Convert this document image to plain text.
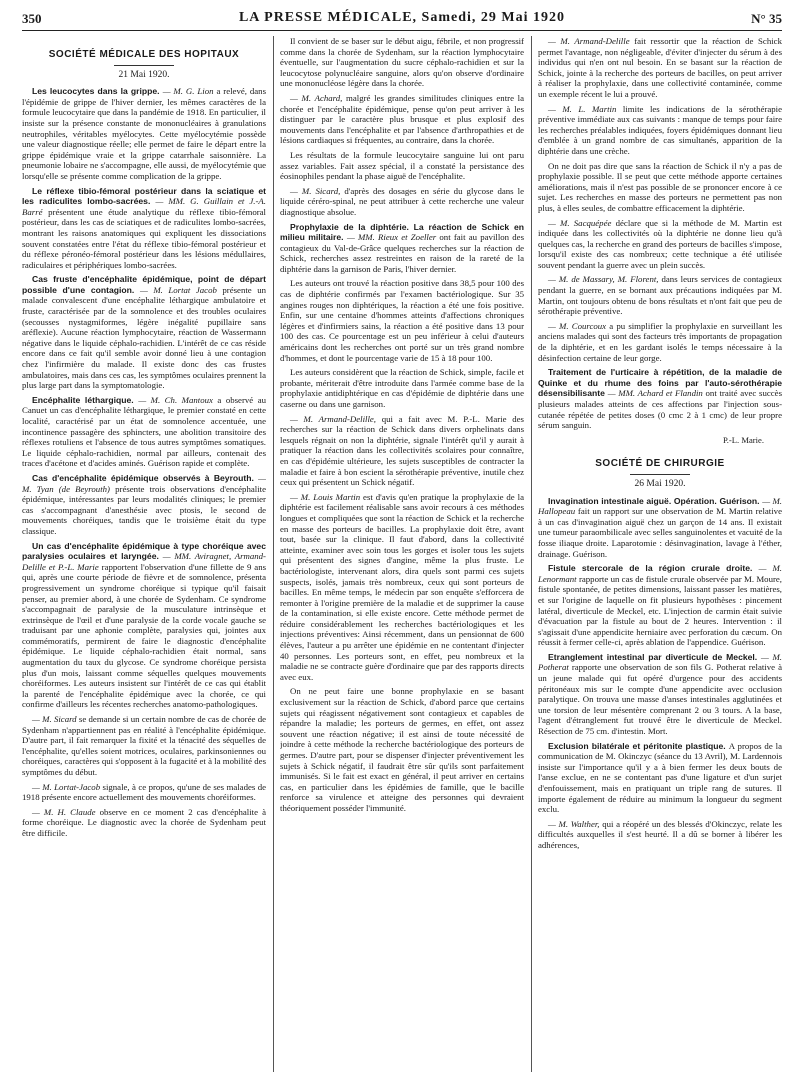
350	LA PRESSE MÉDICALE, Samedi, 29 Mai 1920	N° 35
SOCIÉTÉ MÉDICALE DES HOPITAUX
21 Mai 1920.

Les leucocytes dans la grippe. — M. G. Lion a relevé, dans l'épidémie de grippe de l'hiver dernier, les mêmes caractères de la formule leucocytaire que dans la pandémie de 1918. En particulier, il insiste sur la présence constante de mononucléaires à granulations neutrophiles, véritables myélocytes. Cette myélocytémie possède une valeur diagnostique réelle; elle permet de faire le départ entre la grippe épidémique vraie et la grippe catarrhale saisonnière. La pneumonie lobaire ne s'accompagne, elle aussi, de myélocytémie que lorsqu'elle se présente comme complication de la grippe.

Le réflexe tibio-fémoral postérieur dans la sciatique et les radiculites lombo-sacrées. — MM. G. Guillain et J.-A. Barré présentent une étude analytique du réflexe tibio-fémoral postérieur, dans les cas de sciatiques et de radiculites lombo-sacrées, montrant les raisons anatomiques qui expliquent les dissociations souvent constatées entre l'état du réflexe tibio-fémoral postérieur et du réflexe péronéo-fémoral postérieur dans les lésions médullaires, radiculaires et périphériques lombo-sacrées.

Cas fruste d'encéphalite épidémique, point de départ possible d'une contagion. — M. Lortat Jacob présente un malade convalescent d'une encéphalite léthargique ambulatoire et fruste, caractérisée par de la somnolence et des troubles oculaires (secousses nystagmiformes, légère inégalité pupillaire sans aréflexie). Aucune réaction lymphocytaire, réaction de Wassermann négative dans le liquide céphalo-rachidien. L'intérêt de ce cas réside encore dans ce fait qu'il semble avoir donné lieu à une contagion chez l'infirmière du malade. Il existe donc des cas frustes ambulatoires, mais dans ces cas, les symptômes oculaires prennent la plus large part dans la symptomatologie.

Encéphalite léthargique. — M. Ch. Mantoux a observé au Canuet un cas d'encéphalite léthargique, le premier constaté en cette localité, caractérisé par un état de somnolence accentuée, une incontinence passagère des sphincters, une abolition transitoire des réflexes rotuliens et l'absence de tous autres symptômes somatiques. Le liquide céphalo-rachidien, normal par ailleurs, contenait des traces d'acétone et d'acides aminés. Guérison rapide et complète.

Cas d'encéphalite épidémique observés à Beyrouth. — M. Tyan (de Beyrouth) présente trois observations d'encéphalite épidémique, intéressantes par leurs modalités cliniques; le premier cas s'accompagnant d'anesthésie avec ptosis, le second de mouvements choréiques, tandis que le troisième était du type classique.

Un cas d'encéphalite épidémique à type choréique avec paralysies oculaires et laryngée. — MM. Aviragnet, Armand-Delille et P.-L. Marie rapportent l'observation d'une fillette de 9 ans qui, après une courte période de fièvre et de somnolence, présenta progressivement un syndrome choréique si typique qu'il faisait penser, au premier abord, à une chorée de Sydenham. Ce syndrome s'accompagnait de paralysie de la musculature intrinsèque et extrinsèque de l'œil et d'une paralysie de la corde vocale gauche se traduisant par une aphonie complète, paralysies qui, jointes aux commémoratifs, permirent de faire le diagnostic d'encéphalite épidémique. Le liquide céphalo-rachidien était normal, sans augmentation du taux du glycose. Ce syndrome choréique persista plus d'un mois, laissant comme séquelles quelques mouvements choréiformes. Les auteurs insistent sur l'intérêt de ce cas qui établit la parenté de l'encéphalite épidémique avec la chorée, ce qui confirme d'ailleurs les récentes recherches anatomo-pathologiques.

— M. Sicard se demande si un certain nombre de cas de chorée de Sydenham n'appartiennent pas en réalité à l'encéphalite épidémique. D'autre part, il fait remarquer la fixité et la ténacité des séquelles de l'encéphalite, qu'elles soient motrices, oculaires, parkinsoniennes ou choréiques, caractères qui s'opposent à la fugacité et à la mobilité des symptômes du début.

— M. Lortat-Jacob signale, à ce propos, qu'une de ses malades de 1918 présente encore actuellement des mouvements choréiformes.

— M. H. Claude observe en ce moment 2 cas d'encéphalite à forme choréique. Le diagnostic avec la chorée de Sydenham peut être difficile.

Il convient de se baser sur le début aigu, fébrile, et non progressif comme dans la chorée de Sydenham, sur la réaction lymphocytaire éventuelle, sur l'augmentation du sucre céphalo-rachidien et sur la leucocytose polynucléaire sanguine, alors qu'on observe d'ordinaire une mononucléose légère dans la chorée.

— M. Achard, malgré les grandes similitudes cliniques entre la chorée et l'encéphalite épidémique, pense qu'on peut arriver à les distinguer par le caractère plus brusque et plus explosif des mouvements dans l'encéphalite et par l'absence d'arthropathies et de lésions cardiaques si fréquentes, au contraire, dans la chorée.

Les résultats de la formule leucocytaire sanguine lui ont paru assez variables. Fait assez spécial, il a constaté la persistance des éosinophiles pendant la phase aiguë de l'encéphalite.

— M. Sicard, d'après des dosages en série du glycose dans le liquide céréro-spinal, ne peut attribuer à cette recherche une valeur diagnostique absolue.

Prophylaxie de la diphtérie. La réaction de Schick en milieu militaire. — MM. Rieux et Zoeller ont fait au pavillon des contagieux du Val-de-Grâce quelques recherches sur la réaction de Schick, recherches assez restreintes en raison de la rareté de la diphtérie dans la garnison de Paris, l'hiver dernier.

Les auteurs ont trouvé la réaction positive dans 38,5 pour 100 des cas de diphtérie confirmés par l'examen bactériologique. Sur 35 angines rouges non diphtériques, la réaction a été une fois positive. Enfin, sur une centaine d'hommes atteints d'affections chroniques légères et d'infirmiers sains, la réaction a été positive dans 13 pour 100 des cas. Ce pourcentage est un peu inférieur à celui d'auteurs américains dont les recherches ont porté sur un très grand nombre d'hommes, et dont le pourcentage varie de 15 à 18 pour 100.

Les auteurs considèrent que la réaction de Schick, simple, facile et probante, mériterait d'être introduite dans l'armée comme base de la prophylaxie antidiphtérique en cas d'épidémie de diphtérie dans une caserne ou dans une garnison.

— M. Armand-Delille, qui a fait avec M. P.-L. Marie des recherches sur la réaction de Schick dans divers orphelinats dans lesquels régnait on non la diphtérie, signale l'intérêt qu'il y aurait à pratiquer la réaction dans les collectivités scolaires pour connaître, en cas d'épidémie ultérieure, les sujets susceptibles de contracter la maladie et faire à bon escient la sérothérapie préventive, inutile chez ceux qui présentent un Schick négatif.

— M. Louis Martin est d'avis qu'en pratique la prophylaxie de la diphtérie est facilement réalisable sans avoir recours à ces méthodes longues et compliquées que sont la réaction de Schick et la recherche en masse des porteurs de bacilles. La prophylaxie doit être, avant tout, basée sur la clinique. Il faut d'abord, dans la collectivité atteinte, examiner avec soin tous les gorges et isoler tous les sujets qui présentent des signes d'angine, même la plus fruste. Le bactériologiste, intervenant alors, dira quels sont parmi ces sujets suspects, isolés, jamais très nombreux, ceux qui sont porteurs de bacilles. En même temps, le médecin par son enquête s'efforcera de remonter à l'origine première de la maladie et de supprimer la cause de la contamination, si elle existe encore. Cette méthode permet de réduire considérablement les recherches bactériologiques et les injections préventives: Ainsi récemment, dans un pensionnat de 600 élèves, l'auteur a pu arrêter une épidémie en ne contentant d'injecter 40 personnes. Les porteurs sont, en effet, peu nombreux et la maladie ne se contracte guère d'ordinaire que par des rapports directs avec eux.

On ne peut faire une bonne prophylaxie en se basant exclusivement sur la réaction de Schick, d'abord parce que certains sujets qui réagissent négativement sont contagieux et capables de répandre la maladie; les porteurs de germes, en effet, ont assez souvent une réaction négative; il est ainsi de toute nécessité de joindre à cette méthode la recherche bactériologique des porteurs de germes. D'autre part, pour se dispenser d'injecter préventivement les sujets à Schick négatif, il faudrait être sûr qu'ils sont parfaitement immunisés. Si le fait est exact en général, il peut arriver en certains cas, en particulier dans les épidémies de famille, que le bacille renforce sa virulence et atteigne des personnes qui devraient théoriquement posséder l'immunité.

— M. Armand-Delille fait ressortir que la réaction de Schick permet l'avantage, non négligeable, d'éviter d'injecter du sérum à des individus qui n'en ont nul besoin. En se basant sur la réaction de Schick, jointe à la recherche des porteurs de bacilles, on peut arriver à réaliser la prophylaxie, dans une collectivité contaminée, comme un exemple récent le lui a prouvé.

— M. L. Martin limite les indications de la sérothérapie préventive immédiate aux cas suivants : manque de temps pour faire les recherches préalables indiquées, foyers épidémiques donnant lieu d'emblée à un grand nombre de cas simultanés, apparition de la diphtérie dans une crèche.

On ne doit pas dire que sans la réaction de Schick il n'y a pas de prophylaxie possible. Il se peut que cette méthode apporte certaines améliorations, mais il n'est pas possible de se prononcer encore à ce sujet. Les recherches en masse des porteurs ne permettent pas non plus, à elles seules, de combattre efficacement la diphtérie.

— M. Sacquépée déclare que si la méthode de M. Martin est indiquée dans les collectivités où la diphtérie ne donne lieu qu'à quelques cas, la recherche en grand des porteurs de bacilles s'impose, lorsqu'il existe des cas nombreux; cette technique a été utilisée souvent pendant la guerre avec un plein succès.

— M. de Massary, M. Florent, dans leurs services de contagieux pendant la guerre, en se bornant aux précautions indiquées par M. Martin, ont toujours obtenu de bons résultats et n'ont fait que peu de sérothérapie préventive.

— M. Courcoux a pu simplifier la prophylaxie en surveillant les anciens malades qui sont des facteurs très importants de propagation de la diphtérie, et en les gardant isolés le temps nécessaire à la désinfection certaine de leur gorge.

Traitement de l'urticaire à répétition, de la maladie de Quinke et du rhume des foins par l'auto-sérothérapie désensibilisante — MM. Achard et Flandin ont traité avec succès plusieurs malades atteints de ces affections par l'injection sous-cutanée répétée de petites doses (0 cmc 2 à 1 cmc) de leur propre sérum sanguin.

P.-L. Marie.
SOCIÉTÉ DE CHIRURGIE
26 Mai 1920.

Invagination intestinale aiguë. Opération. Guérison. — M. Hallopeau fait un rapport sur une observation de M. Martin relative à un cas d'invagination aiguë chez un garçon de 14 ans. Il existait une tumeur paraombilicale avec selles sanguinolentes et vacuité de la fosse iliaque droite. Laparotomie : désinvagination, lavage à l'éther, drainage. Guérison.

Fistule stercorale de la région crurale droite. — M. Lenormant rapporte un cas de fistule crurale observée par M. Moure, fistule spontanée, de petites dimensions, laissant passer les matières, et sur l'origine de laquelle on fit plusieurs hypothèses : pincement latéral, diverticule de Meckel, etc. L'injection de carmin était suivie d'évacuation par la fistule au bout de 2 heures. Intervention : il s'agissait d'une appendicite herniaire avec perforation du cæcum. On réussit à fermer celle-ci, après ablation de l'appendice. Guérison.

Etranglement intestinal par diverticule de Meckel. — M. Potherat rapporte une observation de son fils G. Potherat relative à un jeune malade qui fut opéré d'urgence pour des accidents péritonéaux mis sur le compte d'une appendicite avec occlusion paralytique. On trouva une masse d'anses intestinales agglutinées et une torsion de leur mésentère comprenant 2 ou 3 tours. A la base, l'agent d'étranglement fut trouvé être le diverticule de Meckel. Résection de 75 cm. d'intestin. Mort.

Exclusion bilatérale et péritonite plastique. A propos de la communication de M. Okinczyc (séance du 13 Avril), M. Lardennois insiste sur l'importance qu'il y a à bien fermer les deux bouts de l'anse exclue, en ne se contentant pas d'une ligature et d'un surjet d'enfouissement, mais en pratiquant un triple rang de sutures. Il importe également de réduire au minimum la longueur du segment exclu.

— M. Walther, qui a réopéré un des blessés d'Okinczyc, relate les difficultés auxquelles il s'est heurté. Il a dû se borner à libérer les adhérences,
